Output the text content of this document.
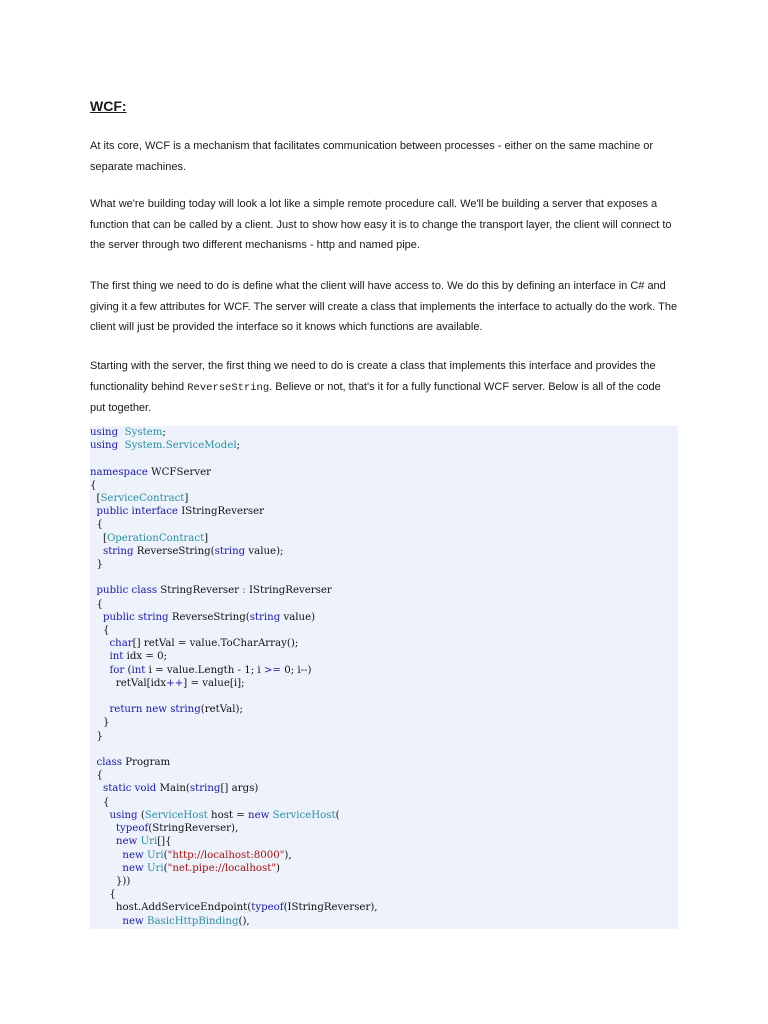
WCF:

At its core, WCF is a mechanism that facilitates communication between processes - either on the same machine or separate machines.

What we're building today will look a lot like a simple remote procedure call. We'll be building a server that exposes a function that can be called by a client. Just to show how easy it is to change the transport layer, the client will connect to the server through two different mechanisms - http and named pipe.

The first thing we need to do is define what the client will have access to. We do this by defining an interface in C# and giving it a few attributes for WCF. The server will create a class that implements the interface to actually do the work. The client will just be provided the interface so it knows which functions are available.

Starting with the server, the first thing we need to do is create a class that implements this interface and provides the functionality behind ReverseString. Believe or not, that's it for a fully functional WCF server. Below is all of the code put together.

using System;
using System.ServiceModel;

namespace WCFServer
{
[ServiceContract]
public interface IStringReverser
{
[OperationContract]
string ReverseString(string value);
}

public class StringReverser : IStringReverser
{
public string ReverseString(string value)
{
char[] retVal = value.ToCharArray();
int idx = 0;
for (int i = value.Length - 1; i >= 0; i--)
retVal[idx++] = value[i];

return new string(retVal);
}
}

class Program
{
static void Main(string[] args)
{
using (ServiceHost host = new ServiceHost(
typeof(StringReverser),
new Uri[]{
new Uri("http://localhost:8000"),
new Uri("net.pipe://localhost")
}))
{
host.AddServiceEndpoint(typeof(IStringReverser),
new BasicHttpBinding(),
